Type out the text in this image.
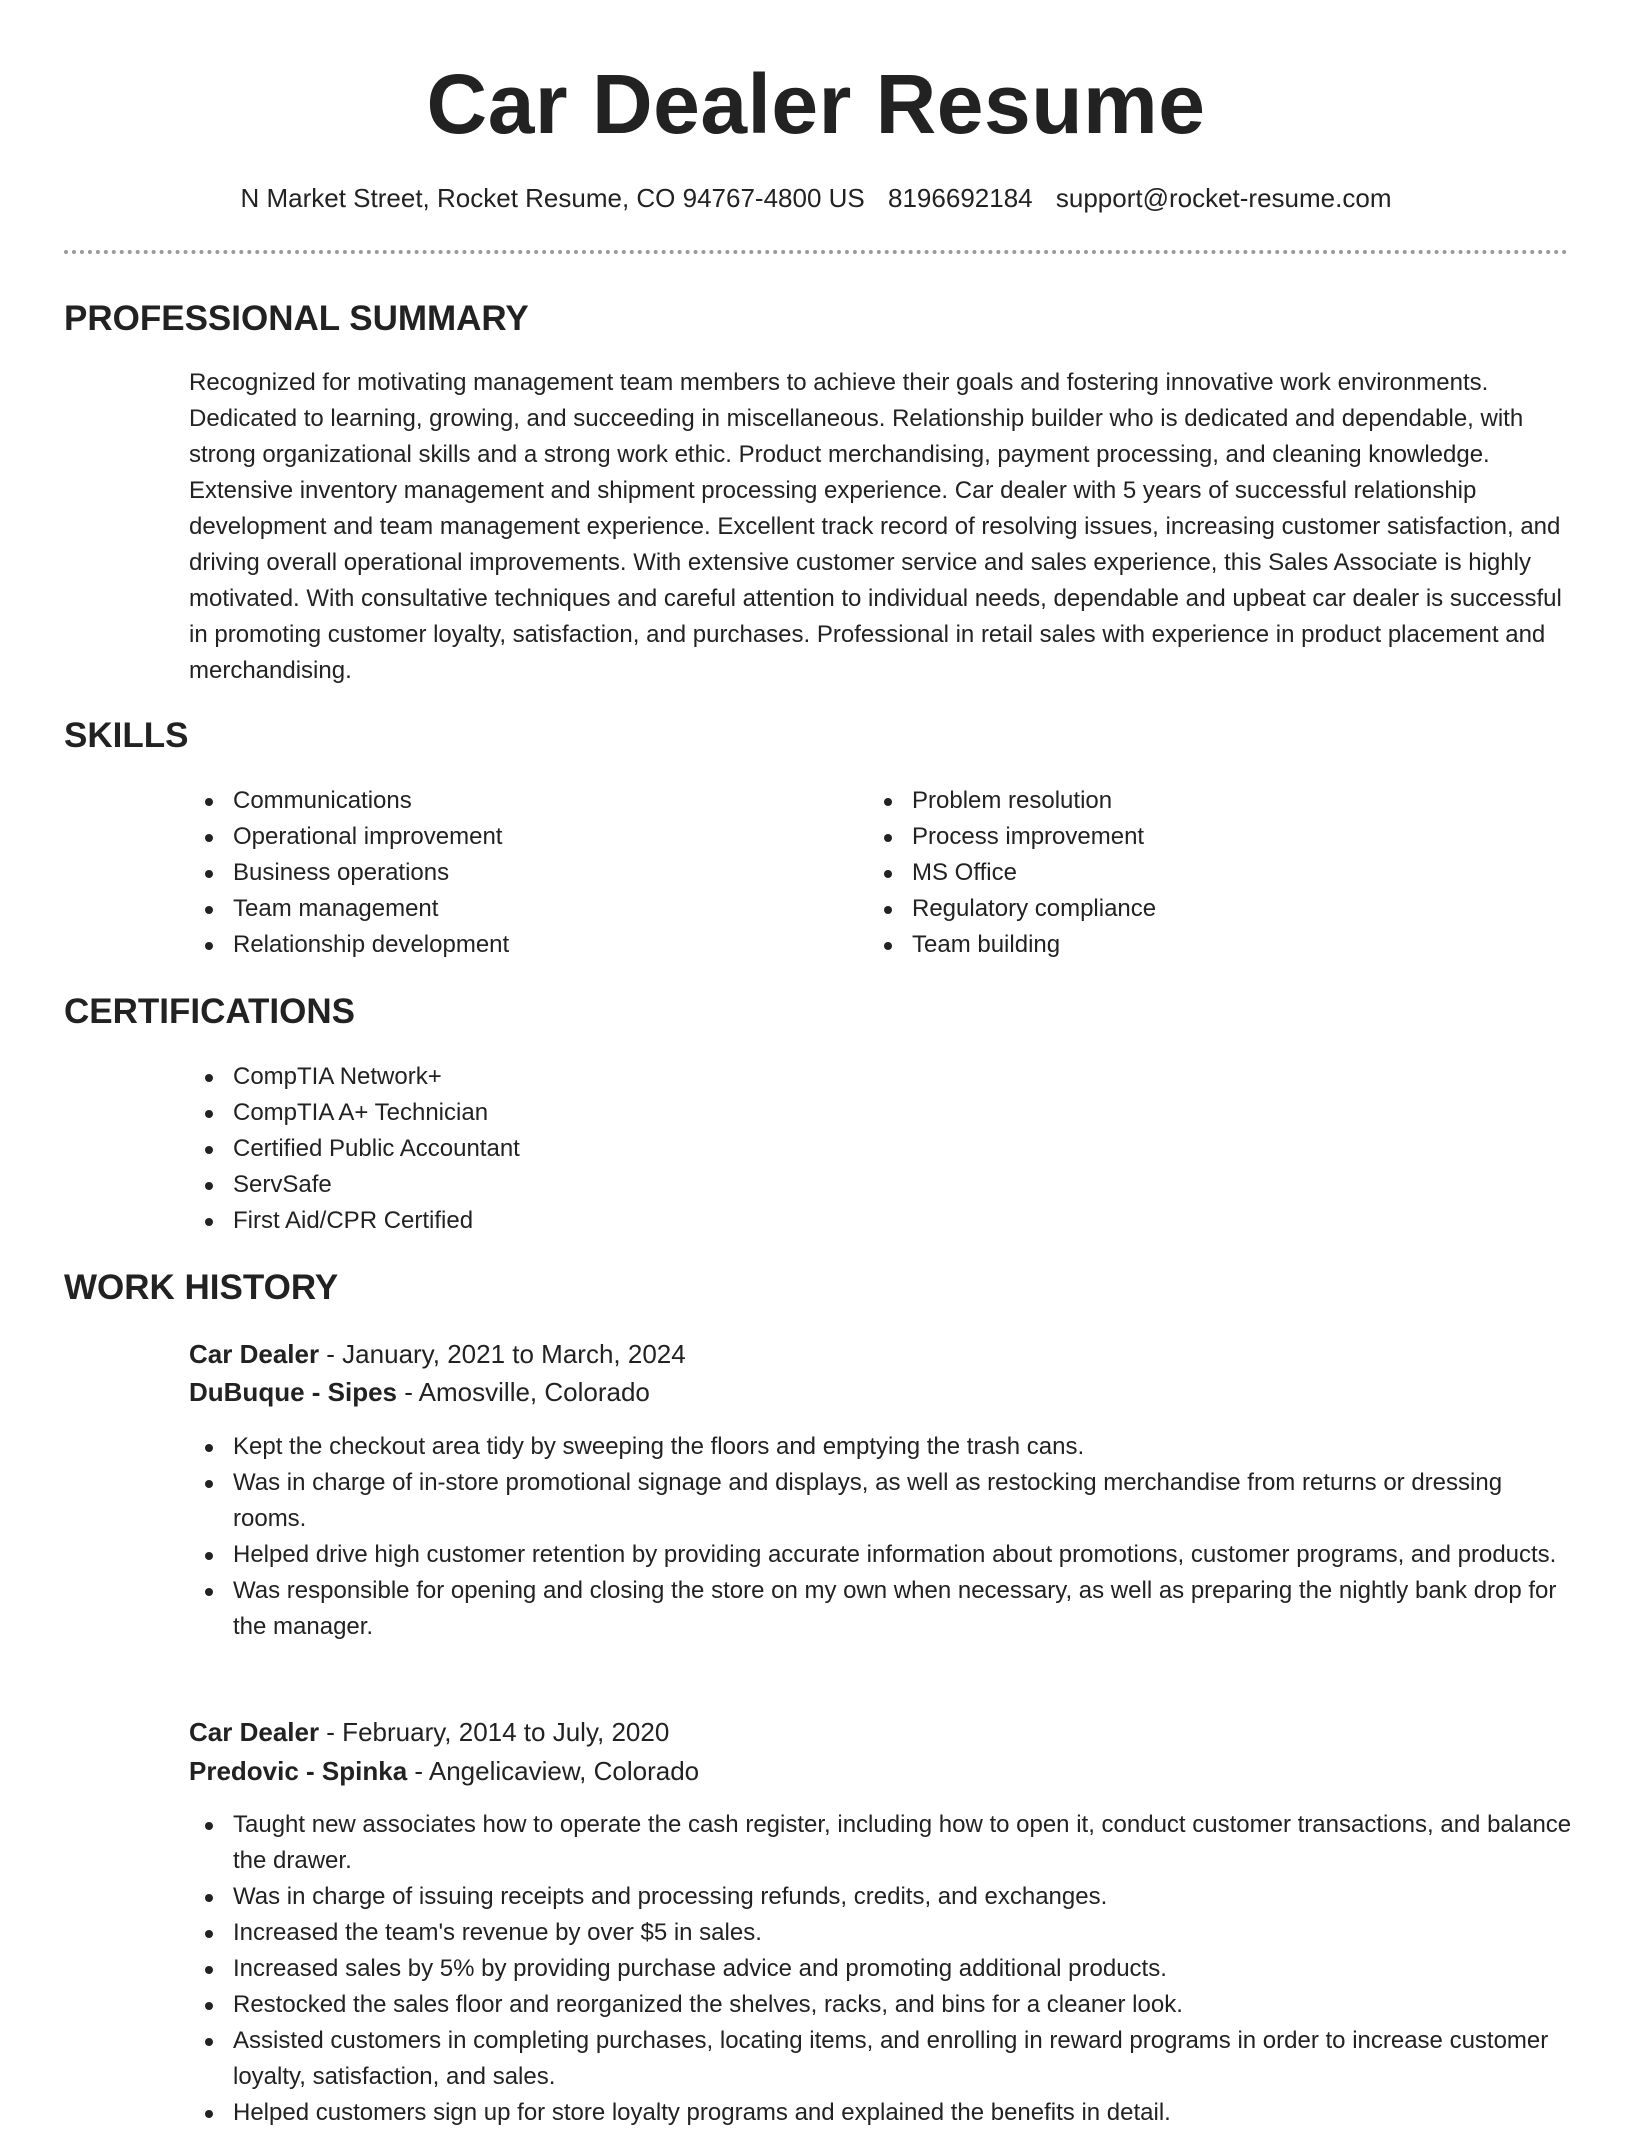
Car Dealer Resume
N Market Street, Rocket Resume, CO 94767-4800 US 8196692184 support@rocket-resume.com
PROFESSIONAL SUMMARY

Recognized for motivating management team members to achieve their goals and fostering innovative work environments. Dedicated to learning, growing, and succeeding in miscellaneous. Relationship builder who is dedicated and dependable, with strong organizational skills and a strong work ethic. Product merchandising, payment processing, and cleaning knowledge. Extensive inventory management and shipment processing experience. Car dealer with 5 years of successful relationship development and team management experience. Excellent track record of resolving issues, increasing customer satisfaction, and driving overall operational improvements. With extensive customer service and sales experience, this Sales Associate is highly motivated. With consultative techniques and careful attention to individual needs, dependable and upbeat car dealer is successful in promoting customer loyalty, satisfaction, and purchases. Professional in retail sales with experience in product placement and merchandising.

SKILLS
Communications
Operational improvement
Business operations
Team management
Relationship development
Problem resolution
Process improvement
MS Office
Regulatory compliance
Team building
CERTIFICATIONS
CompTIA Network+
CompTIA A+ Technician
Certified Public Accountant
ServSafe
First Aid/CPR Certified
WORK HISTORY
Car Dealer - January, 2021 to March, 2024
DuBuque - Sipes - Amosville, Colorado
Kept the checkout area tidy by sweeping the floors and emptying the trash cans.
Was in charge of in-store promotional signage and displays, as well as restocking merchandise from returns or dressing rooms.
Helped drive high customer retention by providing accurate information about promotions, customer programs, and products.
Was responsible for opening and closing the store on my own when necessary, as well as preparing the nightly bank drop for the manager.
Car Dealer - February, 2014 to July, 2020
Predovic - Spinka - Angelicaview, Colorado
Taught new associates how to operate the cash register, including how to open it, conduct customer transactions, and balance the drawer.
Was in charge of issuing receipts and processing refunds, credits, and exchanges.
Increased the team's revenue by over $5 in sales.
Increased sales by 5% by providing purchase advice and promoting additional products.
Restocked the sales floor and reorganized the shelves, racks, and bins for a cleaner look.
Assisted customers in completing purchases, locating items, and enrolling in reward programs in order to increase customer loyalty, satisfaction, and sales.
Helped customers sign up for store loyalty programs and explained the benefits in detail.
